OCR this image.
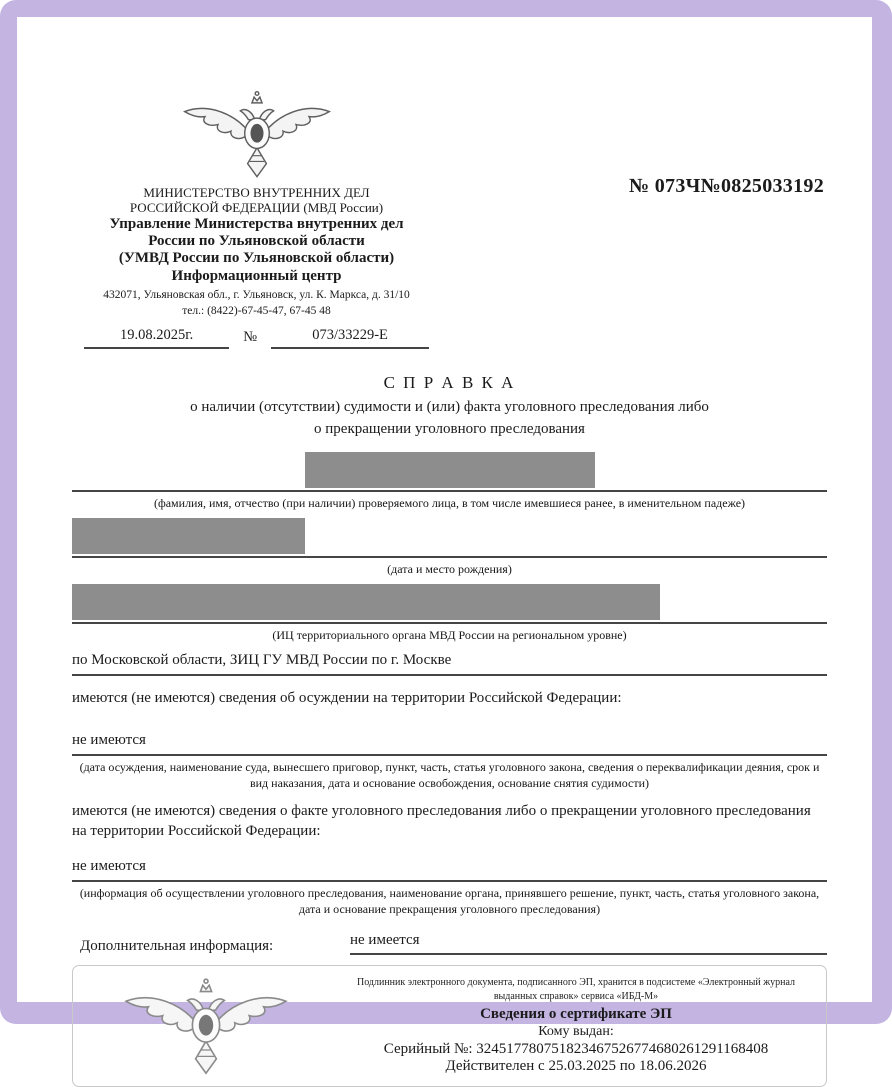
№ 073Ч№0825033192
МИНИСТЕРСТВО ВНУТРЕННИХ ДЕЛ
РОССИЙСКОЙ ФЕДЕРАЦИИ (МВД России)
Управление Министерства внутренних дел
России по Ульяновской области
(УМВД России по Ульяновской области)
Информационный центр
432071, Ульяновская обл., г. Ульяновск, ул. К. Маркса, д. 31/10
тел.: (8422)-67-45-47, 67-45 48
19.08.2025г.	№	073/33229-Е
С П Р А В К А
о наличии (отсутствии) судимости и (или) факта уголовного преследования либо
о прекращении уголовного преследования
(фамилия, имя, отчество (при наличии) проверяемого лица, в том числе имевшиеся ранее, в именительном падеже)
(дата и место рождения)
(ИЦ территориального органа МВД России на региональном уровне)
по Московской области, ЗИЦ ГУ МВД России по г. Москве
имеются (не имеются) сведения об осуждении на территории Российской Федерации:
не имеются
(дата осуждения, наименование суда, вынесшего приговор, пункт, часть, статья уголовного закона, сведения о переквалификации деяния, срок и вид наказания, дата и основание освобождения, основание снятия судимости)
имеются (не имеются) сведения о факте уголовного преследования либо о прекращении уголовного преследования на территории Российской Федерации:
не имеются
(информация об осуществлении уголовного преследования, наименование органа, принявшего решение, пункт, часть, статья уголовного закона, дата и основание прекращения уголовного преследования)
Дополнительная информация:	не имеется
Подлинник электронного документа, подписанного ЭП, хранится в подсистеме «Электронный журнал выданных справок» сервиса «ИБД-М»
Сведения о сертификате ЭП
Кому выдан:
Серийный №: 324517780751823467526774680261291168408
Действителен с 25.03.2025 по 18.06.2026
